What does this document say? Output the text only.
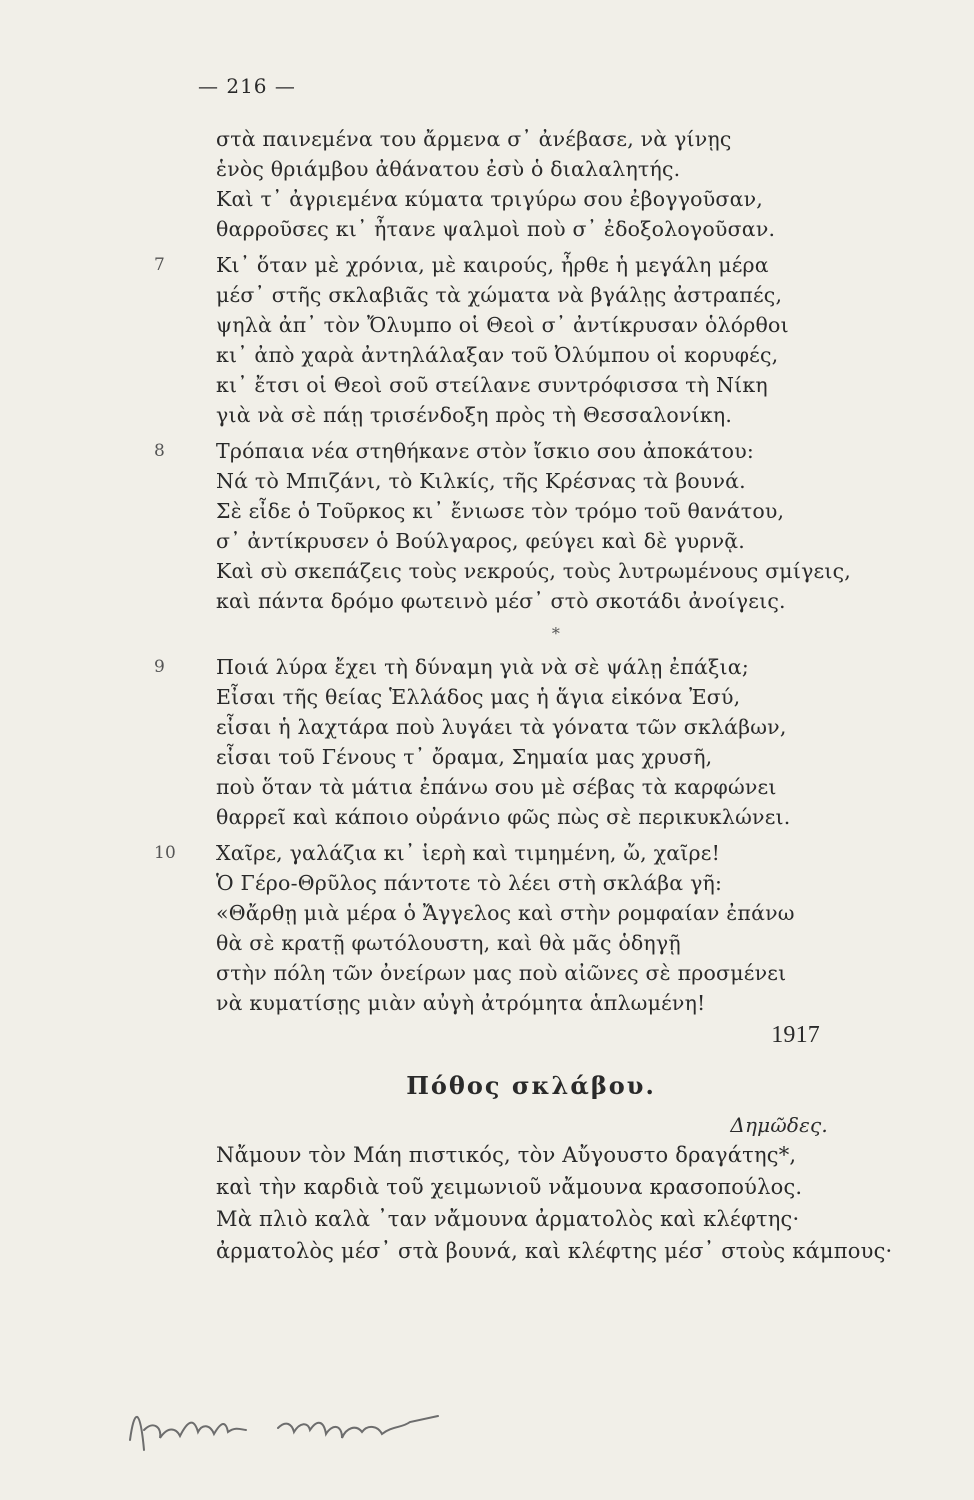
— 216 —
στὰ παινεμένα του ἄρμενα σ᾿ ἀνέβασε, νὰ γίνῃς
ἑνὸς θριάμβου ἀθάνατου ἐσὺ ὁ διαλαλητής.
Καὶ τ᾿ ἀγριεμένα κύματα τριγύρω σου ἐβογγοῦσαν,
θαρροῦσες κι᾿ ἦτανε ψαλμοὶ ποὺ σ᾿ ἐδοξολογοῦσαν.
7 Κι᾿ ὅταν μὲ χρόνια, μὲ καιρούς, ἦρθε ἡ μεγάλη μέρα
μέσ᾿ στῆς σκλαβιᾶς τὰ χώματα νὰ βγάλῃς ἀστραπές,
ψηλὰ ἀπ᾿ τὸν Ὄλυμπο οἱ Θεοὶ σ᾿ ἀντίκρυσαν ὁλόρθοι
κι᾿ ἀπὸ χαρὰ ἀντηλάλαξαν τοῦ Ὀλύμπου οἱ κορυφές,
κι᾿ ἔτσι οἱ Θεοὶ σοῦ στείλανε συντρόφισσα τὴ Νίκη
γιὰ νὰ σὲ πάῃ τρισένδοξη πρὸς τὴ Θεσσαλονίκη.
8 Τρόπαια νέα στηθήκανε στὸν ἴσκιο σου ἀποκάτου:
Νά τὸ Μπιζάνι, τὸ Κιλκίς, τῆς Κρέσνας τὰ βουνά.
Σὲ εἶδε ὁ Τοῦρκος κι᾿ ἔνιωσε τὸν τρόμο τοῦ θανάτου,
σ᾿ ἀντίκρυσεν ὁ Βούλγαρος, φεύγει καὶ δὲ γυρνᾷ.
Καὶ σὺ σκεπάζεις τοὺς νεκρούς, τοὺς λυτρωμένους σμίγεις,
καὶ πάντα δρόμο φωτεινὸ μέσ᾿ στὸ σκοτάδι ἀνοίγεις.
*
9 Ποιά λύρα ἔχει τὴ δύναμη γιὰ νὰ σὲ ψάλῃ ἐπάξια;
Εἶσαι τῆς θείας Ἑλλάδος μας ἡ ἅγια εἰκόνα Ἐσύ,
εἶσαι ἡ λαχτάρα ποὺ λυγάει τὰ γόνατα τῶν σκλάβων,
εἶσαι τοῦ Γένους τ᾿ ὄραμα, Σημαία μας χρυσῆ,
ποὺ ὅταν τὰ μάτια ἐπάνω σου μὲ σέβας τὰ καρφώνει
θαρρεῖ καὶ κάποιο οὐράνιο φῶς πὼς σὲ περικυκλώνει.
10 Χαῖρε, γαλάζια κι᾿ ἱερὴ καὶ τιμημένη, ὤ, χαῖρε!
Ὁ Γέρο-Θρῦλος πάντοτε τὸ λέει στὴ σκλάβα γῆ:
«Θἄρθῃ μιὰ μέρα ὁ Ἄγγελος καὶ στὴν ρομφαίαν ἐπάνω
θὰ σὲ κρατῇ φωτόλουστη, καὶ θὰ μᾶς ὁδηγῇ
στὴν πόλη τῶν ὀνείρων μας ποὺ αἰῶνες σὲ προσμένει
νὰ κυματίσῃς μιὰν αὐγὴ ἀτρόμητα ἁπλωμένη!
1917
Πόθος σκλάβου.
Δημῶδες.
Νἄμουν τὸν Μάη πιστικός, τὸν Αὔγουστο δραγάτης*,
καὶ τὴν καρδιὰ τοῦ χειμωνιοῦ νἄμουνα κρασοπούλος.
Μὰ πλιὸ καλὰ ᾿ταν νἄμουνα ἀρματολὸς καὶ κλέφτης·
ἀρματολὸς μέσ᾿ στὰ βουνά, καὶ κλέφτης μέσ᾿ στοὺς κάμπους·
